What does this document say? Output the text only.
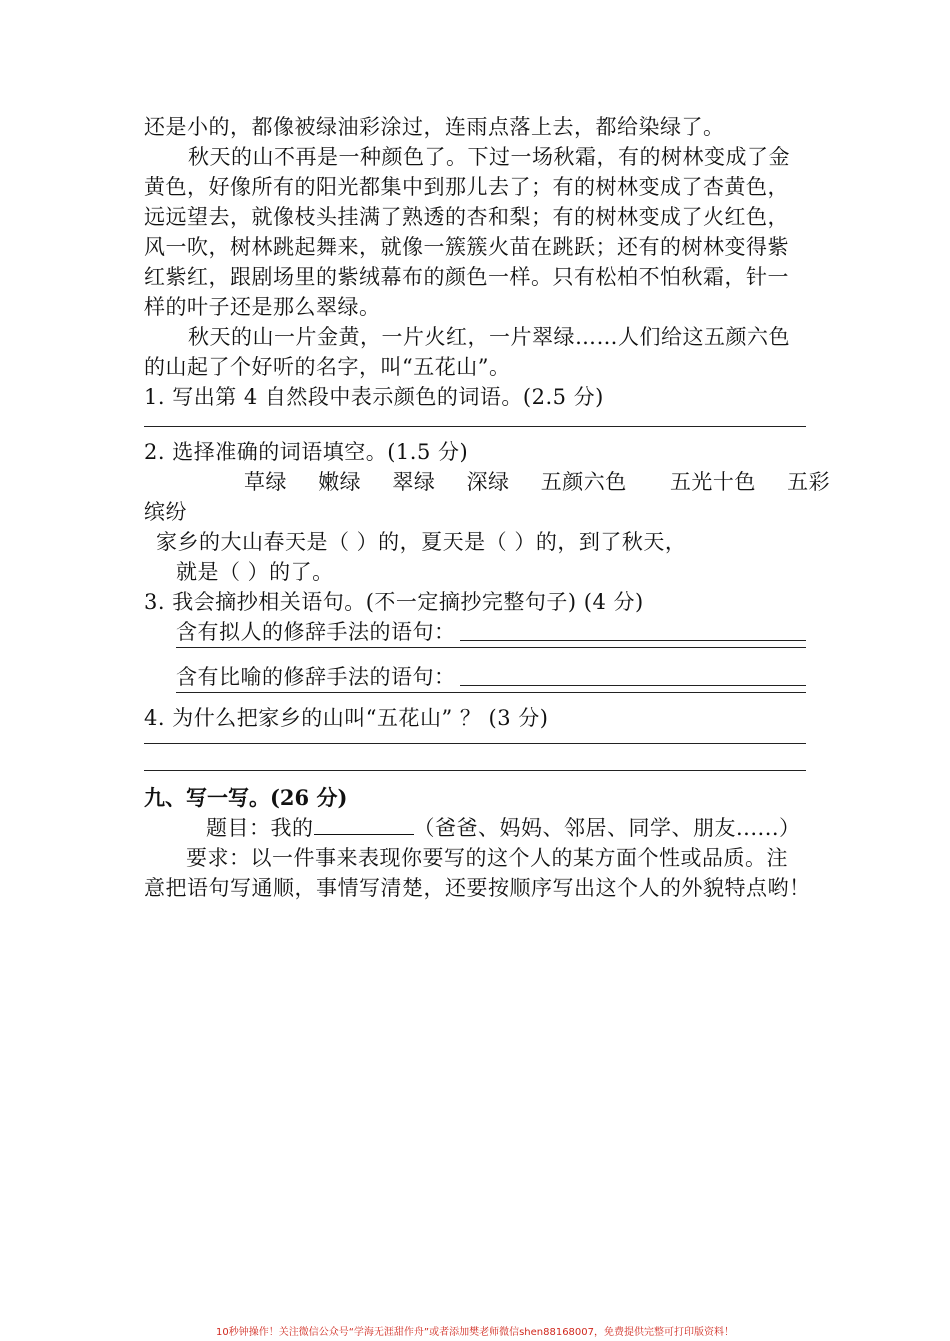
还是小的，都像被绿油彩涂过，连雨点落上去，都给染绿了。
秋天的山不再是一种颜色了。下过一场秋霜，有的树林变成了金
黄色，好像所有的阳光都集中到那儿去了；有的树林变成了杏黄色，
远远望去，就像枝头挂满了熟透的杏和梨；有的树林变成了火红色，
风一吹，树林跳起舞来，就像一簇簇火苗在跳跃；还有的树林变得紫
红紫红，跟剧场里的紫绒幕布的颜色一样。只有松柏不怕秋霜，针一
样的叶子还是那么翠绿。
秋天的山一片金黄，一片火红，一片翠绿……人们给这五颜六色
的山起了个好听的名字，叫“五花山”。
1. 写出第 4 自然段中表示颜色的词语。(2.5 分)
2. 选择准确的词语填空。(1.5 分)
草绿 嫩绿 翠绿 深绿 五颜六色 五光十色 五彩
缤纷
家乡的大山春天是（ ）的，夏天是（ ）的，到了秋天，
就是（ ）的了。
3. 我会摘抄相关语句。(不一定摘抄完整句子) (4 分)
含有拟人的修辞手法的语句：
含有比喻的修辞手法的语句：
4. 为什么把家乡的山叫“五花山” ？ (3 分)
九、写一写。(26 分)
题目：我的	（爸爸、妈妈、邻居、同学、朋友......）
要求：以一件事来表现你要写的这个人的某方面个性或品质。注
意把语句写通顺，事情写清楚，还要按顺序写出这个人的外貌特点哟！
10秒钟操作！关注微信公众号“学海无涯甜作舟”或者添加樊老师微信shen88168007，免费提供完整可打印版资料！
